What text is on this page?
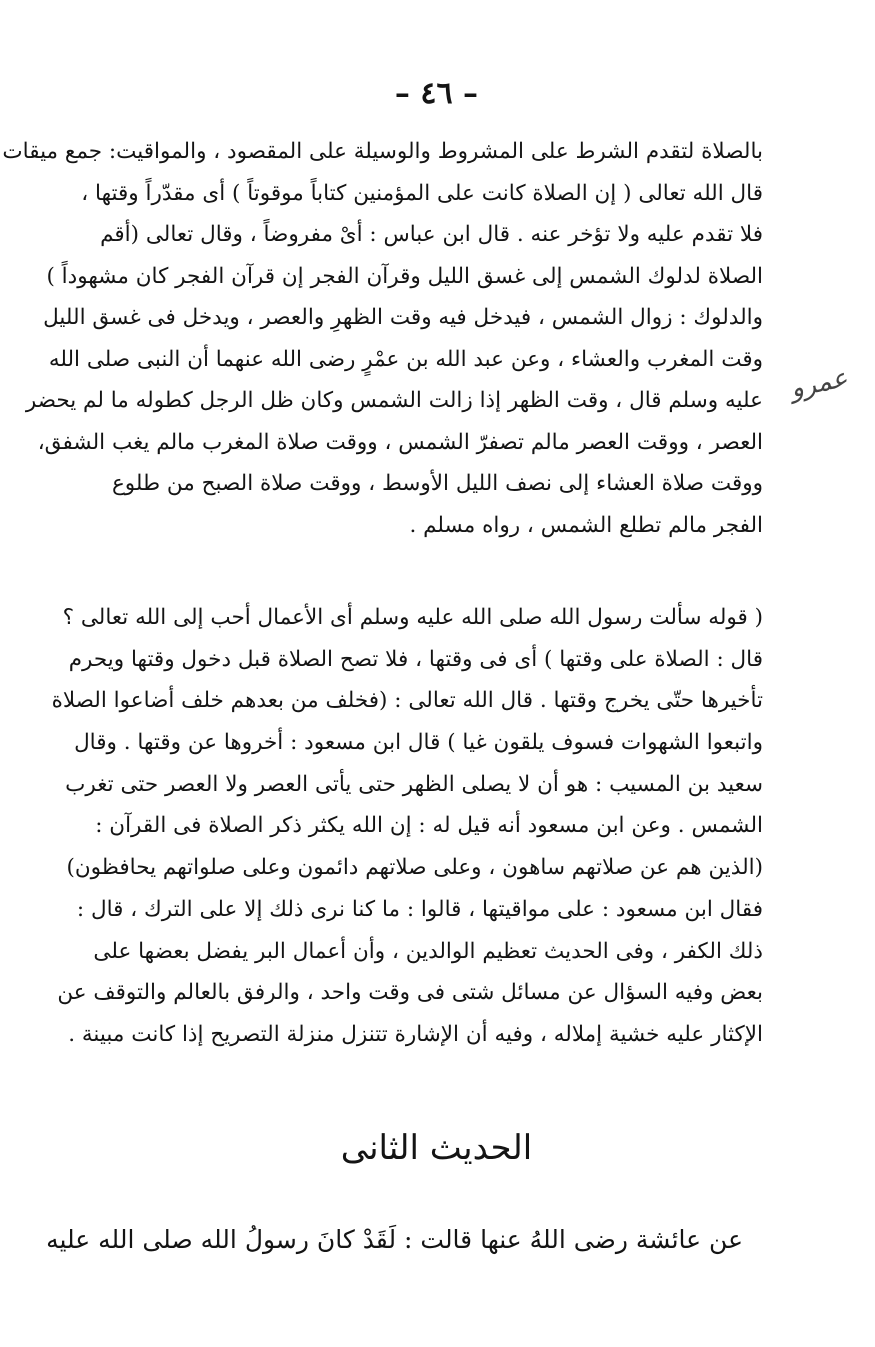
– ٤٦ –
عمرو
بالصلاة لتقدم الشرط على المشروط والوسيلة على المقصود ، والمواقيت: جمع ميقات
قال الله تعالى ( إن الصلاة كانت على المؤمنين كتاباً موقوتاً ) أى مقدّراً وقتها ،
فلا تقدم عليه ولا تؤخر عنه . قال ابن عباس : أىْ مفروضاً ، وقال تعالى (أقم
الصلاة لدلوك الشمس إلى غسق الليل وقرآن الفجر إن قرآن الفجر كان مشهوداً )
والدلوك : زوال الشمس ، فيدخل فيه وقت الظهرِ والعصر ، ويدخل فى غسق الليل
وقت المغرب والعشاء ، وعن عبد الله بن عمْرٍ رضى الله عنهما أن النبى صلى الله
عليه وسلم قال ، وقت الظهر إذا زالت الشمس وكان ظل الرجل كطوله ما لم يحضر
العصر ، ووقت العصر مالم تصفرّ الشمس ، ووقت صلاة المغرب مالم يغب الشفق،
ووقت صلاة العشاء إلى نصف الليل الأوسط ، ووقت صلاة الصبح من طلوع
الفجر مالم تطلع الشمس ، رواه مسلم .
( قوله سألت رسول الله صلى الله عليه وسلم أى الأعمال أحب إلى الله تعالى ؟
قال : الصلاة على وقتها ) أى فى وقتها ، فلا تصح الصلاة قبل دخول وقتها ويحرم
تأخيرها حتّى يخرج وقتها . قال الله تعالى : (فخلف من بعدهم خلف أضاعوا الصلاة
واتبعوا الشهوات فسوف يلقون غيا ) قال ابن مسعود : أخروها عن وقتها . وقال
سعيد بن المسيب : هو أن لا يصلى الظهر حتى يأتى العصر ولا العصر حتى تغرب
الشمس . وعن ابن مسعود أنه قيل له : إن الله يكثر ذكر الصلاة فى القرآن :
(الذين هم عن صلاتهم ساهون ، وعلى صلاتهم دائمون وعلى صلواتهم يحافظون)
فقال ابن مسعود : على مواقيتها ، قالوا : ما كنا نرى ذلك إلا على الترك ، قال :
ذلك الكفر ، وفى الحديث تعظيم الوالدين ، وأن أعمال البر يفضل بعضها على
بعض وفيه السؤال عن مسائل شتى فى وقت واحد ، والرفق بالعالم والتوقف عن
الإكثار عليه خشية إملاله ، وفيه أن الإشارة تتنزل منزلة التصريح إذا كانت مبينة .
الحديث الثانى
عن عائشة رضى اللهُ عنها قالت : لَقَدْ كانَ رسولُ الله صلى الله عليه
